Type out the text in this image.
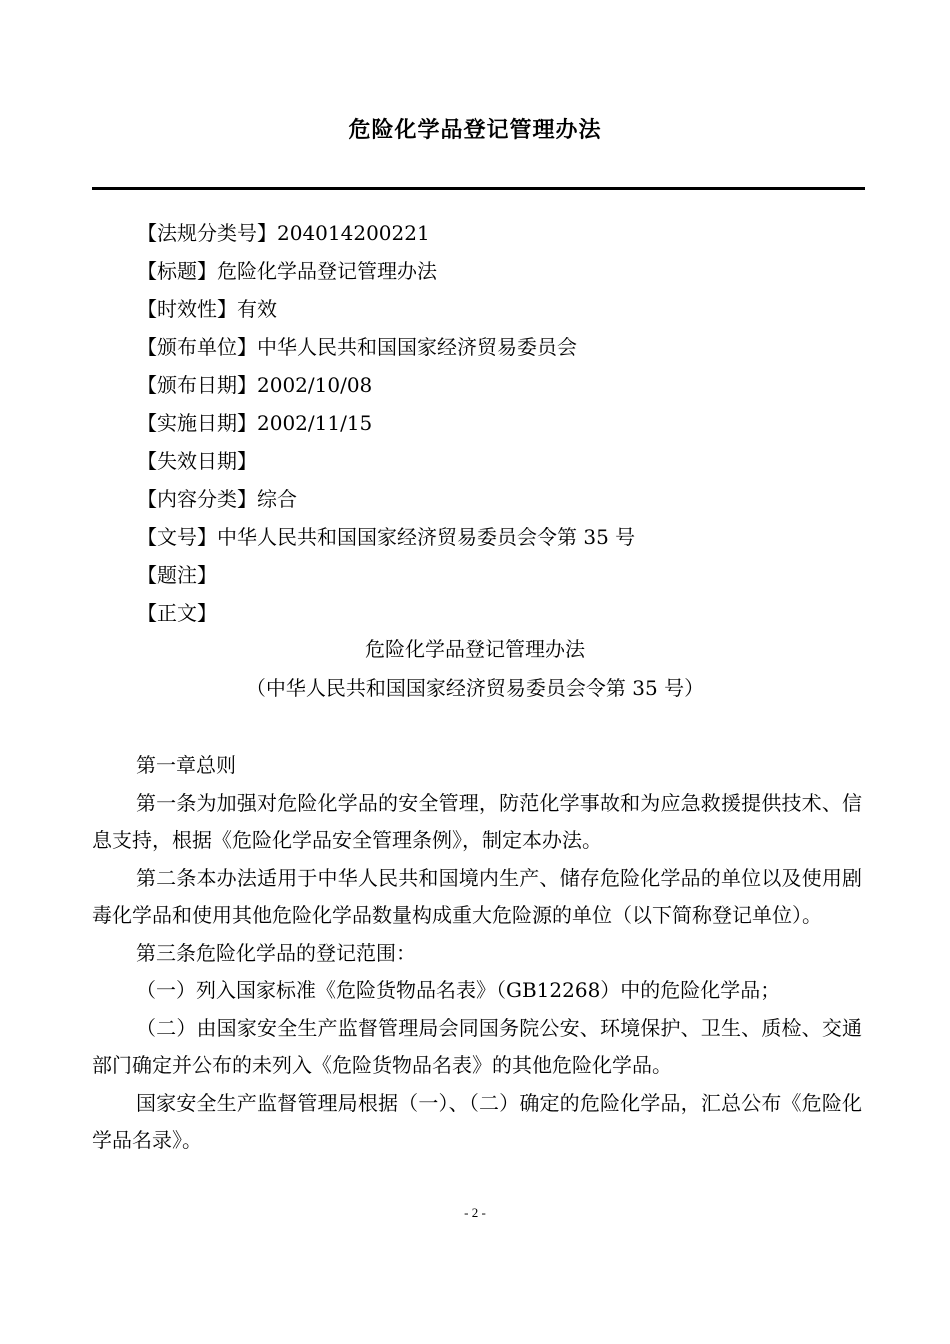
危险化学品登记管理办法
【法规分类号】204014200221
【标题】危险化学品登记管理办法
【时效性】有效
【颁布单位】中华人民共和国国家经济贸易委员会
【颁布日期】2002/10/08
【实施日期】2002/11/15
【失效日期】
【内容分类】综合
【文号】中华人民共和国国家经济贸易委员会令第 35 号
【题注】
【正文】
危险化学品登记管理办法
（中华人民共和国国家经济贸易委员会令第 35 号）

第一章总则

第一条为加强对危险化学品的安全管理，防范化学事故和为应急救援提供技术、信息支持，根据《危险化学品安全管理条例》，制定本办法。

第二条本办法适用于中华人民共和国境内生产、储存危险化学品的单位以及使用剧毒化学品和使用其他危险化学品数量构成重大危险源的单位（以下简称登记单位）。

第三条危险化学品的登记范围：

（一）列入国家标准《危险货物品名表》（GB12268）中的危险化学品；

（二）由国家安全生产监督管理局会同国务院公安、环境保护、卫生、质检、交通部门确定并公布的未列入《危险货物品名表》的其他危险化学品。

国家安全生产监督管理局根据（一）、（二）确定的危险化学品，汇总公布《危险化学品名录》。

- 2 -
